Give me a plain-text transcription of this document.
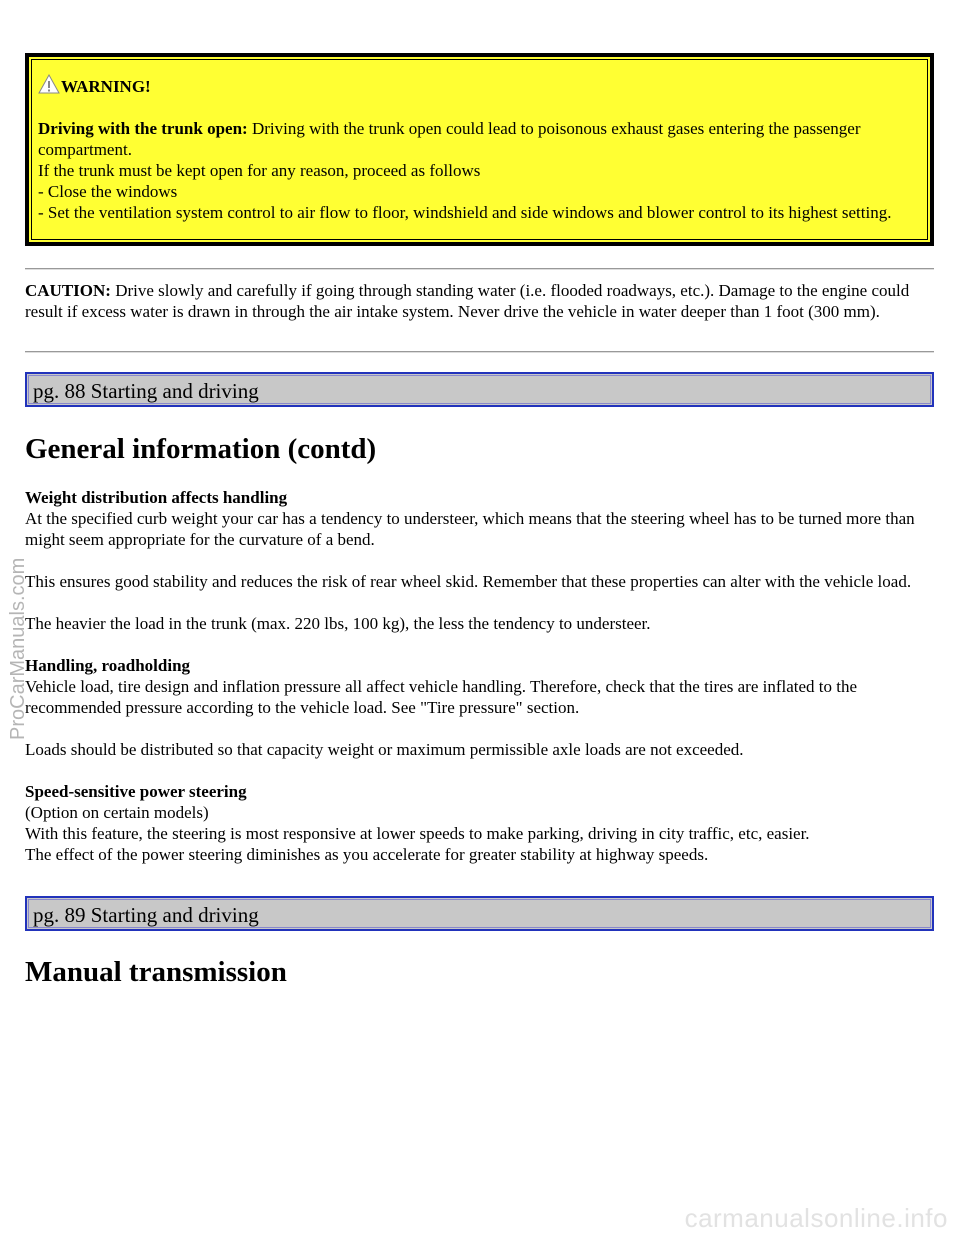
WARNING!
Driving with the trunk open: Driving with the trunk open could lead to poisonous exhaust gases entering the passenger compartment.
If the trunk must be kept open for any reason, proceed as follows
- Close the windows
- Set the ventilation system control to air flow to floor, windshield and side windows and blower control to its highest setting.
CAUTION: Drive slowly and carefully if going through standing water (i.e. flooded roadways, etc.). Damage to the engine could result if excess water is drawn in through the air intake system. Never drive the vehicle in water deeper than 1 foot (300 mm).
pg. 88 Starting and driving
General information (contd)

Weight distribution affects handling
At the specified curb weight your car has a tendency to understeer, which means that the steering wheel has to be turned more than might seem appropriate for the curvature of a bend.

This ensures good stability and reduces the risk of rear wheel skid. Remember that these properties can alter with the vehicle load.

The heavier the load in the trunk (max. 220 lbs, 100 kg), the less the tendency to understeer.

Handling, roadholding
Vehicle load, tire design and inflation pressure all affect vehicle handling. Therefore, check that the tires are inflated to the recommended pressure according to the vehicle load. See "Tire pressure" section.

Loads should be distributed so that capacity weight or maximum permissible axle loads are not exceeded.

Speed-sensitive power steering
(Option on certain models)
With this feature, the steering is most responsive at lower speeds to make parking, driving in city traffic, etc, easier.
The effect of the power steering diminishes as you accelerate for greater stability at highway speeds.

pg. 89 Starting and driving
Manual transmission
ProCarManuals.com
carmanualsonline.info
